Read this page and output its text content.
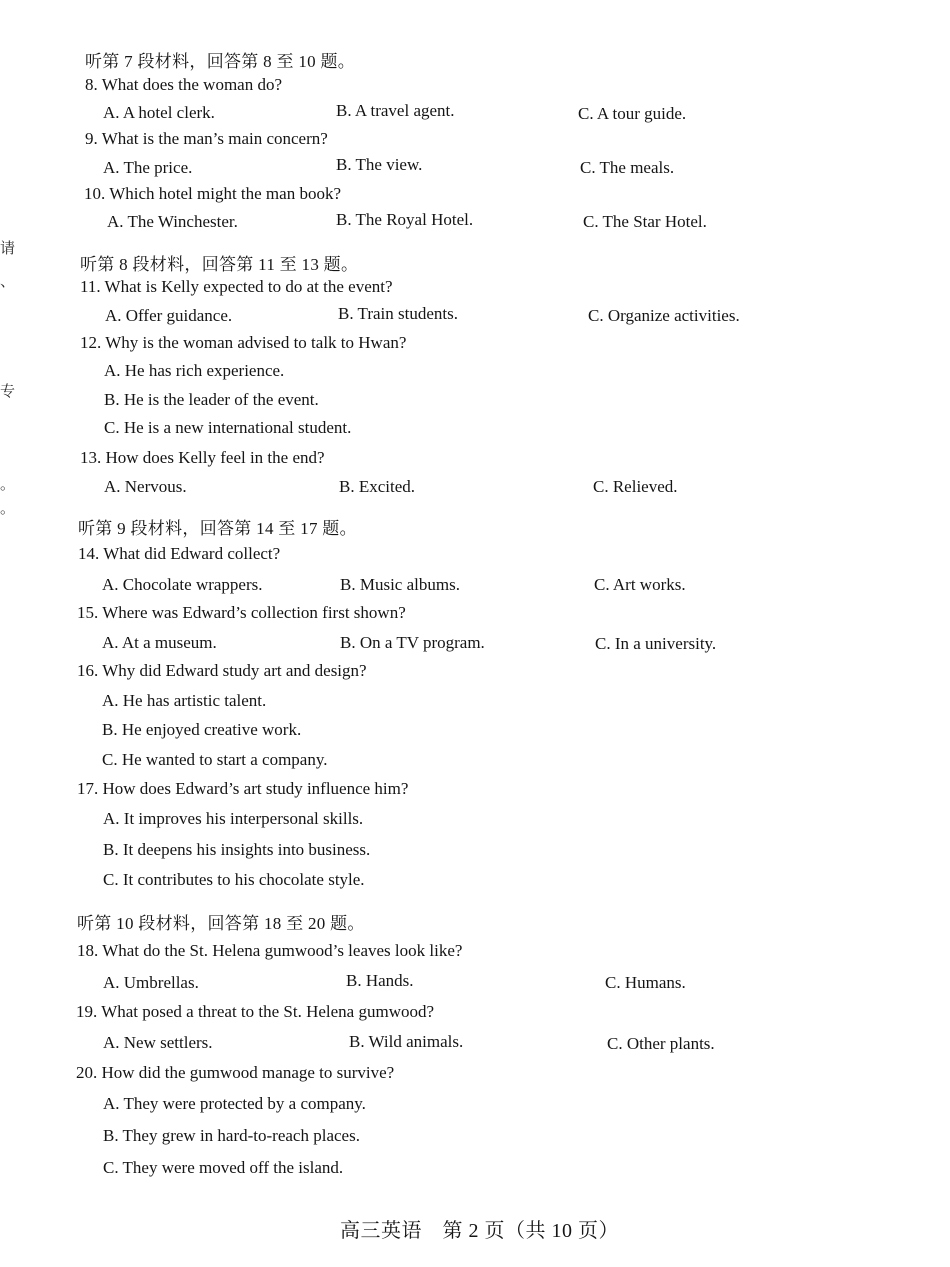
请
、
专
。
。
听第 7 段材料，回答第 8 至 10 题。
8. What does the woman do?
A. A hotel clerk.	B. A travel agent.	C. A tour guide.
9. What is the man’s main concern?
A. The price.	B. The view.	C. The meals.
10. Which hotel might the man book?
A. The Winchester.	B. The Royal Hotel.	C. The Star Hotel.
听第 8 段材料，回答第 11 至 13 题。
11. What is Kelly expected to do at the event?
A. Offer guidance.	B. Train students.	C. Organize activities.
12. Why is the woman advised to talk to Hwan?
A. He has rich experience.
B. He is the leader of the event.
C. He is a new international student.
13. How does Kelly feel in the end?
A. Nervous.	B. Excited.	C. Relieved.
听第 9 段材料，回答第 14 至 17 题。
14. What did Edward collect?
A. Chocolate wrappers.	B. Music albums.	C. Art works.
15. Where was Edward’s collection first shown?
A. At a museum.	B. On a TV program.	C. In a university.
16. Why did Edward study art and design?
A. He has artistic talent.
B. He enjoyed creative work.
C. He wanted to start a company.
17. How does Edward’s art study influence him?
A. It improves his interpersonal skills.
B. It deepens his insights into business.
C. It contributes to his chocolate style.
听第 10 段材料，回答第 18 至 20 题。
18. What do the St. Helena gumwood’s leaves look like?
A. Umbrellas.	B. Hands.	C. Humans.
19. What posed a threat to the St. Helena gumwood?
A. New settlers.	B. Wild animals.	C. Other plants.
20. How did the gumwood manage to survive?
A. They were protected by a company.
B. They grew in hard-to-reach places.
C. They were moved off the island.
高三英语　第 2 页（共 10 页）
